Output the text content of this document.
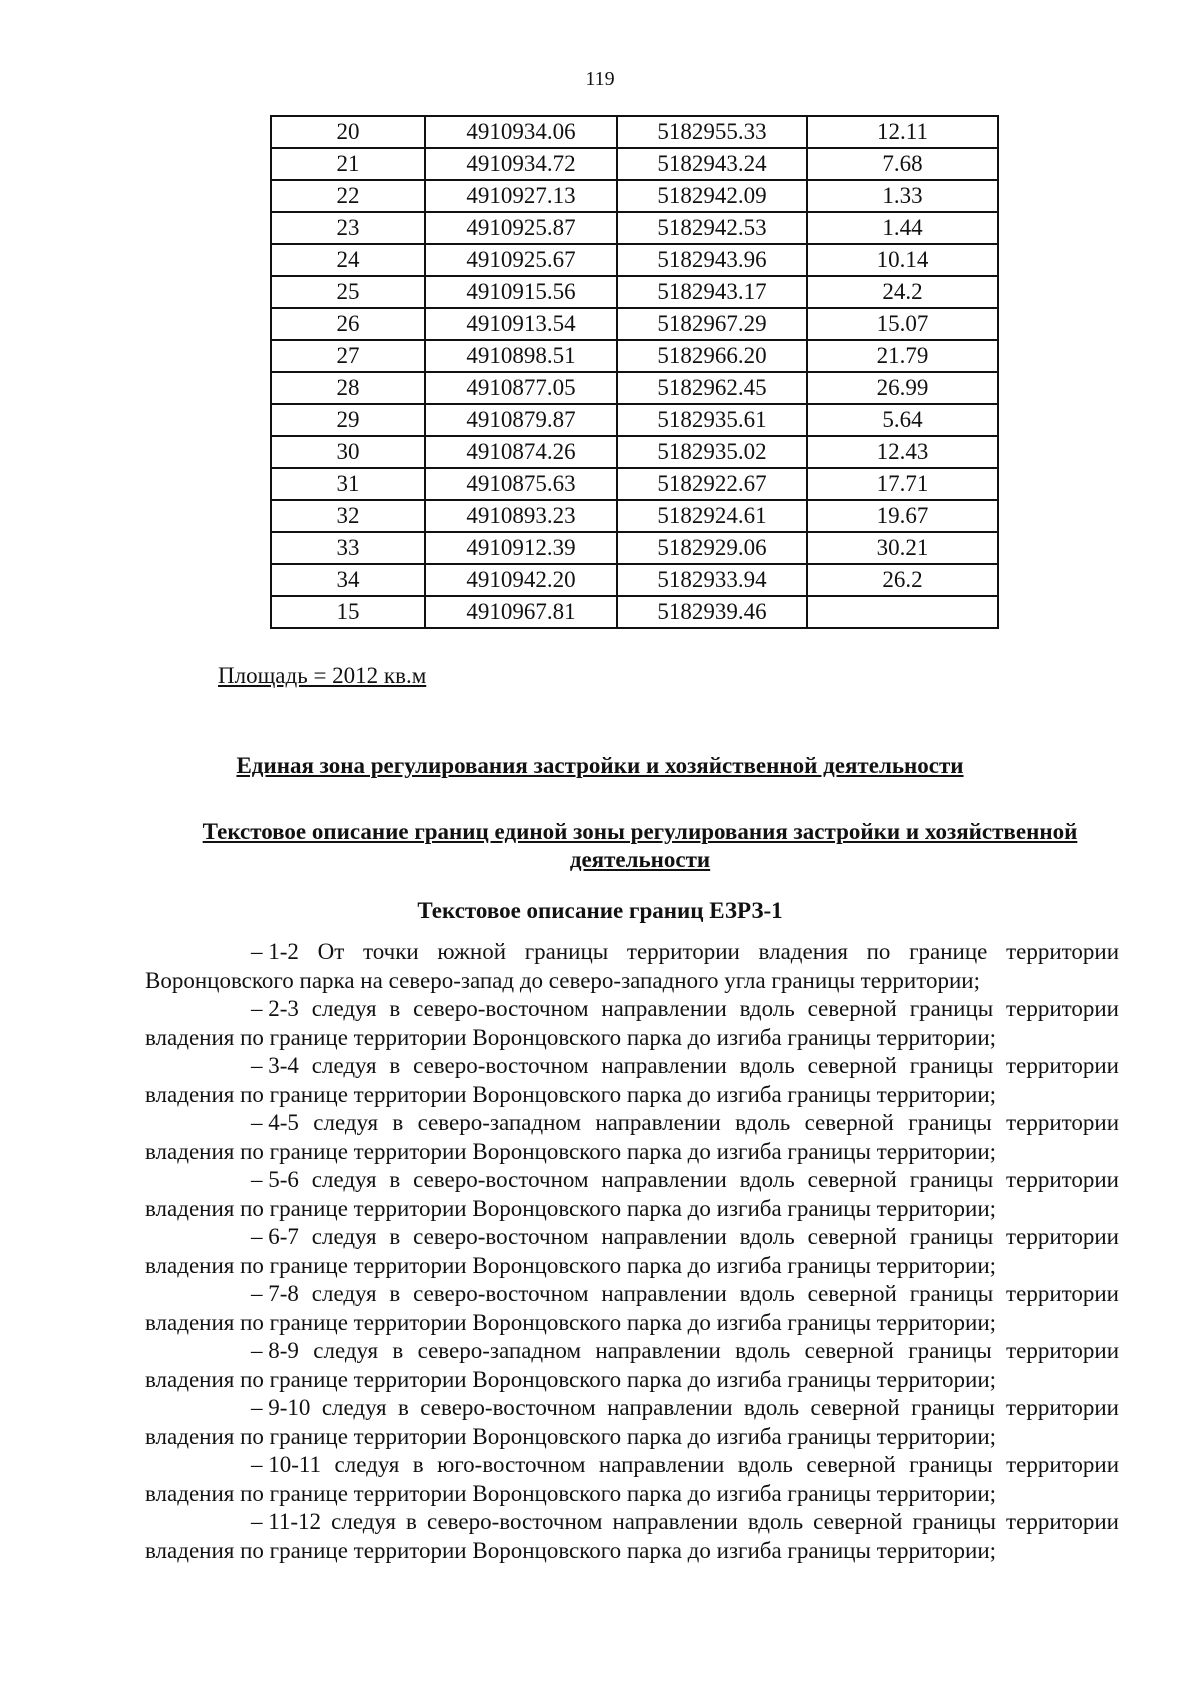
119
20	4910934.06	5182955.33	12.11
21	4910934.72	5182943.24	7.68
22	4910927.13	5182942.09	1.33
23	4910925.87	5182942.53	1.44
24	4910925.67	5182943.96	10.14
25	4910915.56	5182943.17	24.2
26	4910913.54	5182967.29	15.07
27	4910898.51	5182966.20	21.79
28	4910877.05	5182962.45	26.99
29	4910879.87	5182935.61	5.64
30	4910874.26	5182935.02	12.43
31	4910875.63	5182922.67	17.71
32	4910893.23	5182924.61	19.67
33	4910912.39	5182929.06	30.21
34	4910942.20	5182933.94	26.2
15	4910967.81	5182939.46	
Площадь = 2012 кв.м
Единая зона регулирования застройки и хозяйственной деятельности
Текстовое описание границ единой зоны регулирования застройки и хозяйственной деятельности
Текстовое описание границ ЕЗРЗ-1

– 1-2 От точки южной границы территории владения по границе территории Воронцовского парка на северо-запад до северо-западного угла границы территории;

– 2-3 следуя в северо-восточном направлении вдоль северной границы территории владения по границе территории Воронцовского парка до изгиба границы территории;

– 3-4 следуя в северо-восточном направлении вдоль северной границы территории владения по границе территории Воронцовского парка до изгиба границы территории;

– 4-5 следуя в северо-западном направлении вдоль северной границы территории владения по границе территории Воронцовского парка до изгиба границы территории;

– 5-6 следуя в северо-восточном направлении вдоль северной границы территории владения по границе территории Воронцовского парка до изгиба границы территории;

– 6-7 следуя в северо-восточном направлении вдоль северной границы территории владения по границе территории Воронцовского парка до изгиба границы территории;

– 7-8 следуя в северо-восточном направлении вдоль северной границы территории владения по границе территории Воронцовского парка до изгиба границы территории;

– 8-9 следуя в северо-западном направлении вдоль северной границы территории владения по границе территории Воронцовского парка до изгиба границы территории;

– 9-10 следуя в северо-восточном направлении вдоль северной границы территории владения по границе территории Воронцовского парка до изгиба границы территории;

– 10-11 следуя в юго-восточном направлении вдоль северной границы территории владения по границе территории Воронцовского парка до изгиба границы территории;

– 11-12 следуя в северо-восточном направлении вдоль северной границы территории владения по границе территории Воронцовского парка до изгиба границы территории;
